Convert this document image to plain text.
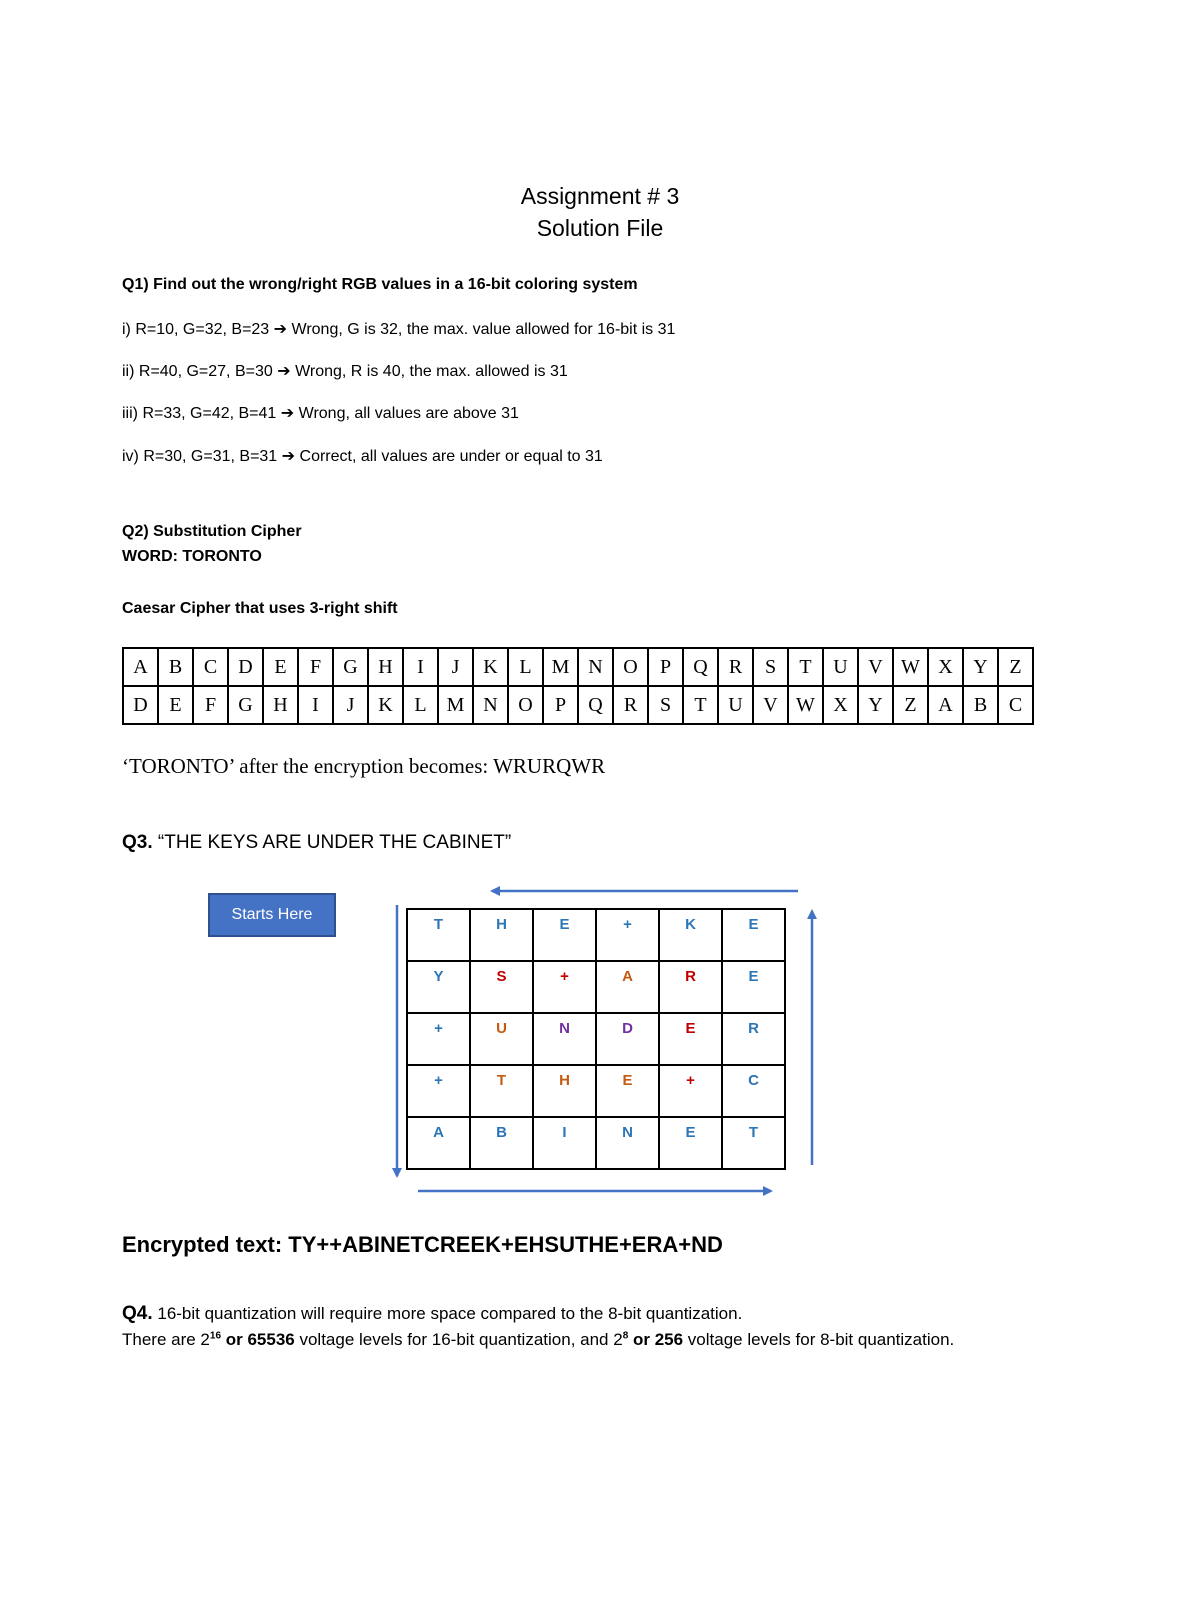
Assignment # 3
Solution File
Q1) Find out the wrong/right RGB values in a 16-bit coloring system
i) R=10, G=32, B=23 ➔ Wrong, G is 32, the max. value allowed for 16-bit is 31
ii) R=40, G=27, B=30 ➔ Wrong, R is 40, the max. allowed is 31
iii) R=33, G=42, B=41 ➔ Wrong, all values are above 31
iv) R=30, G=31, B=31 ➔ Correct, all values are under or equal to 31
Q2) Substitution Cipher
WORD: TORONTO
Caesar Cipher that uses 3-right shift
A	B	C	D	E	F	G	H	I	J	K	L	M	N	O	P	Q	R	S	T	U	V	W	X	Y	Z
D	E	F	G	H	I	J	K	L	M	N	O	P	Q	R	S	T	U	V	W	X	Y	Z	A	B	C
‘TORONTO’ after the encryption becomes: WRURQWR
Q3. “THE KEYS ARE UNDER THE CABINET”
Starts Here
T	H	E	+	K	E
Y	S	+	A	R	E
+	U	N	D	E	R
+	T	H	E	+	C
A	B	I	N	E	T
Encrypted text: TY++ABINETCREEK+EHSUTHE+ERA+ND
Q4. 16-bit quantization will require more space compared to the 8-bit quantization.
There are $2^{16}$ or 65536 voltage levels for 16-bit quantization, and $2^8$ or 256 voltage levels for 8-bit quantization.
